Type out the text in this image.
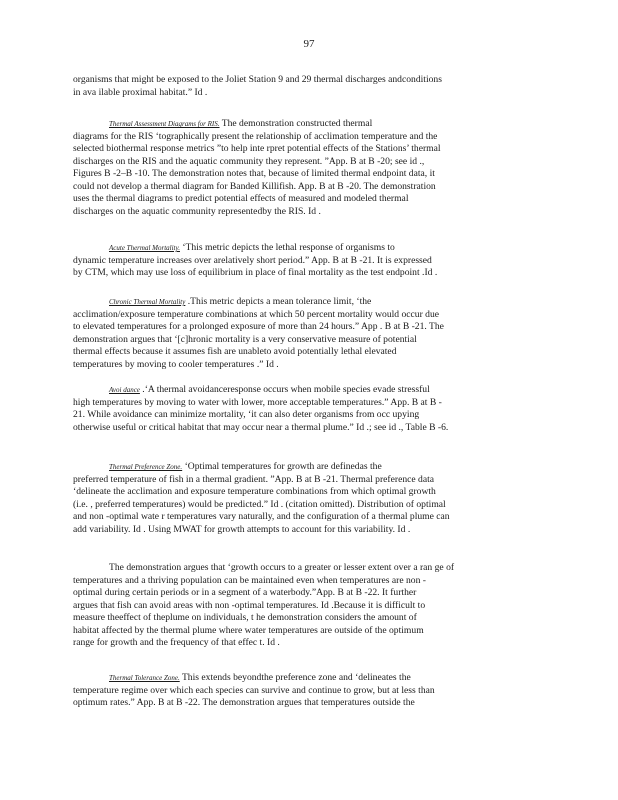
97
organisms that might be exposed to the Joliet Station 9 and 29 thermal discharges andconditions
in ava ilable proximal habitat.” Id .
Thermal Assessment Diagrams for RIS. The demonstration constructed thermal
diagrams for the RIS ‘tographically present the relationship of acclimation temperature and the
selected biothermal response metrics ”to help inte rpret potential effects of the Stations’ thermal
discharges on the RIS and the aquatic community they represent. ”App. B at B -20; see id .,
Figures B -2–B -10. The demonstration notes that, because of limited thermal endpoint data, it
could not develop a thermal diagram for Banded Killifish. App. B at B -20. The demonstration
uses the thermal diagrams to predict potential effects of measured and modeled thermal
discharges on the aquatic community representedby the RIS. Id .
Acute Thermal Mortality. ‘This metric depicts the lethal response of organisms to
dynamic temperature increases over arelatively short period.” App. B at B -21. It is expressed
by CTM, which may use loss of equilibrium in place of final mortality as the test endpoint .Id .
Chronic Thermal Mortality .This metric depicts a mean tolerance limit, ‘the
acclimation/exposure temperature combinations at which 50 percent mortality would occur due
to elevated temperatures for a prolonged exposure of more than 24 hours.” App . B at B -21. The
demonstration argues that ‘[c]hronic mortality is a very conservative measure of potential
thermal effects because it assumes fish are unableto avoid potentially lethal elevated
temperatures by moving to cooler temperatures .” Id .
Avoi dance .‘A thermal avoidanceresponse occurs when mobile species evade stressful
high temperatures by moving to water with lower, more acceptable temperatures.” App. B at B -
21. While avoidance can minimize mortality, ‘it can also deter organisms from occ upying
otherwise useful or critical habitat that may occur near a thermal plume.” Id .; see id ., Table B -6.
Thermal Preference Zone. ‘Optimal temperatures for growth are definedas the
preferred temperature of fish in a thermal gradient. ”App. B at B -21. Thermal preference data
‘delineate the acclimation and exposure temperature combinations from which optimal growth
(i.e. , preferred temperatures) would be predicted.” Id . (citation omitted). Distribution of optimal
and non -optimal wate r temperatures vary naturally, and the configuration of a thermal plume can
add variability. Id . Using MWAT for growth attempts to account for this variability. Id .
The demonstration argues that ‘growth occurs to a greater or lesser extent over a ran ge of
temperatures and a thriving population can be maintained even when temperatures are non -
optimal during certain periods or in a segment of a waterbody.”App. B at B -22. It further
argues that fish can avoid areas with non -optimal temperatures. Id .Because it is difficult to
measure theeffect of theplume on individuals, t he demonstration considers the amount of
habitat affected by the thermal plume where water temperatures are outside of the optimum
range for growth and the frequency of that effec t. Id .
Thermal Tolerance Zone. This extends beyondthe preference zone and ‘delineates the
temperature regime over which each species can survive and continue to grow, but at less than
optimum rates.” App. B at B -22. The demonstration argues that temperatures outside the
